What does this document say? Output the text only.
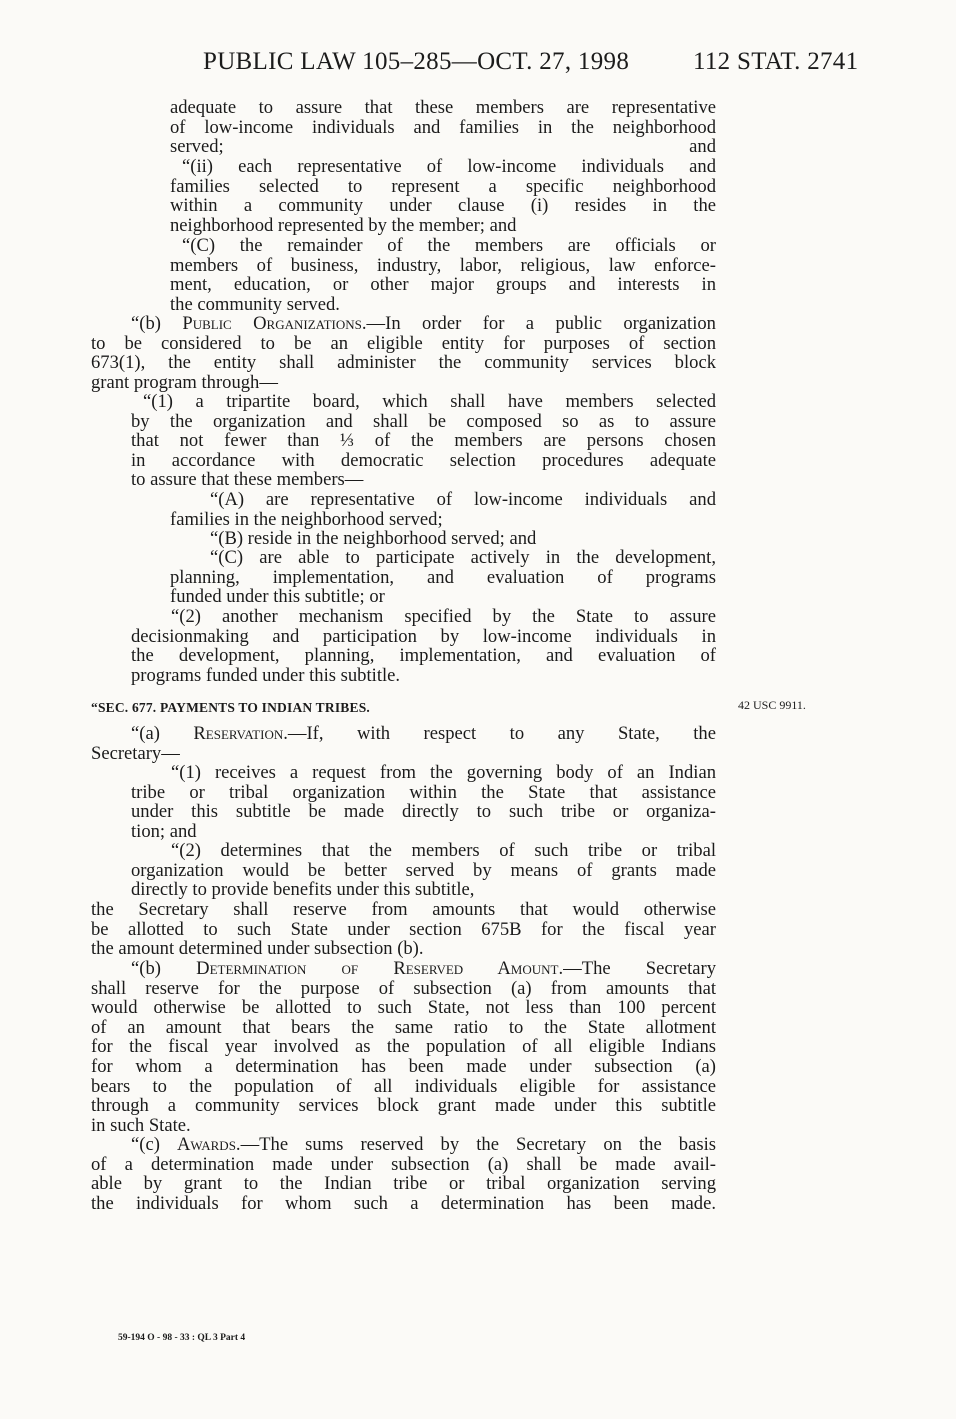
PUBLIC LAW 105–285—OCT. 27, 1998	112 STAT. 2741
adequate to assure that these members are representative
of low-income individuals and families in the neighborhood
served; and
“(ii) each representative of low-income individuals and
families selected to represent a specific neighborhood
within a community under clause (i) resides in the
neighborhood represented by the member; and
“(C) the remainder of the members are officials or
members of business, industry, labor, religious, law enforce-
ment, education, or other major groups and interests in
the community served.
“(b) Public Organizations.—In order for a public organization
to be considered to be an eligible entity for purposes of section
673(1), the entity shall administer the community services block
grant program through—
“(1) a tripartite board, which shall have members selected
by the organization and shall be composed so as to assure
that not fewer than ⅓ of the members are persons chosen
in accordance with democratic selection procedures adequate
to assure that these members—
“(A) are representative of low-income individuals and
families in the neighborhood served;
“(B) reside in the neighborhood served; and
“(C) are able to participate actively in the development,
planning, implementation, and evaluation of programs
funded under this subtitle; or
“(2) another mechanism specified by the State to assure
decisionmaking and participation by low-income individuals in
the development, planning, implementation, and evaluation of
programs funded under this subtitle.
“SEC. 677. PAYMENTS TO INDIAN TRIBES.	42 USC 9911.
“(a) Reservation.—If, with respect to any State, the
Secretary—
“(1) receives a request from the governing body of an Indian
tribe or tribal organization within the State that assistance
under this subtitle be made directly to such tribe or organiza-
tion; and
“(2) determines that the members of such tribe or tribal
organization would be better served by means of grants made
directly to provide benefits under this subtitle,
the Secretary shall reserve from amounts that would otherwise
be allotted to such State under section 675B for the fiscal year
the amount determined under subsection (b).
“(b) Determination of Reserved Amount.—The Secretary
shall reserve for the purpose of subsection (a) from amounts that
would otherwise be allotted to such State, not less than 100 percent
of an amount that bears the same ratio to the State allotment
for the fiscal year involved as the population of all eligible Indians
for whom a determination has been made under subsection (a)
bears to the population of all individuals eligible for assistance
through a community services block grant made under this subtitle
in such State.
“(c) Awards.—The sums reserved by the Secretary on the basis
of a determination made under subsection (a) shall be made avail-
able by grant to the Indian tribe or tribal organization serving
the individuals for whom such a determination has been made.
59-194 O - 98 - 33 : QL 3 Part 4
